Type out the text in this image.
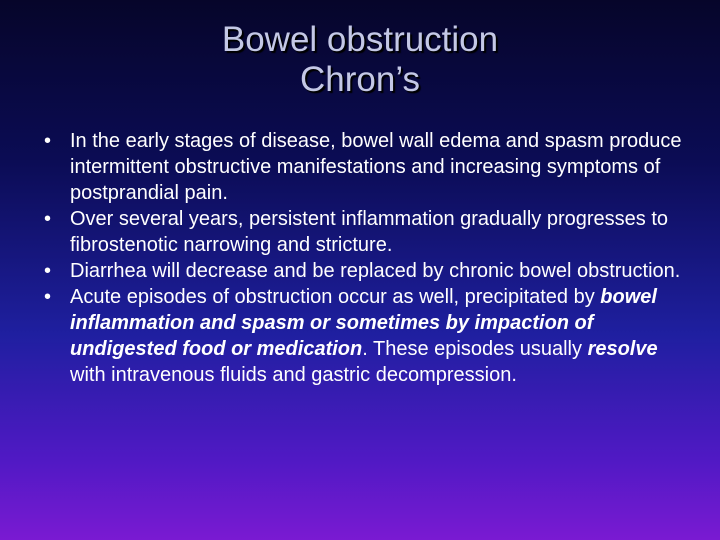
Bowel obstruction
Chron’s
• In the early stages of disease, bowel wall edema and spasm produce intermittent obstructive manifestations and increasing symptoms of postprandial pain.
• Over several years, persistent inflammation gradually progresses to fibrostenotic narrowing and stricture.
• Diarrhea will decrease and be replaced by chronic bowel obstruction.
• Acute episodes of obstruction occur as well, precipitated by bowel inflammation and spasm or sometimes by impaction of undigested food or medication. These episodes usually resolve with intravenous fluids and gastric decompression.
